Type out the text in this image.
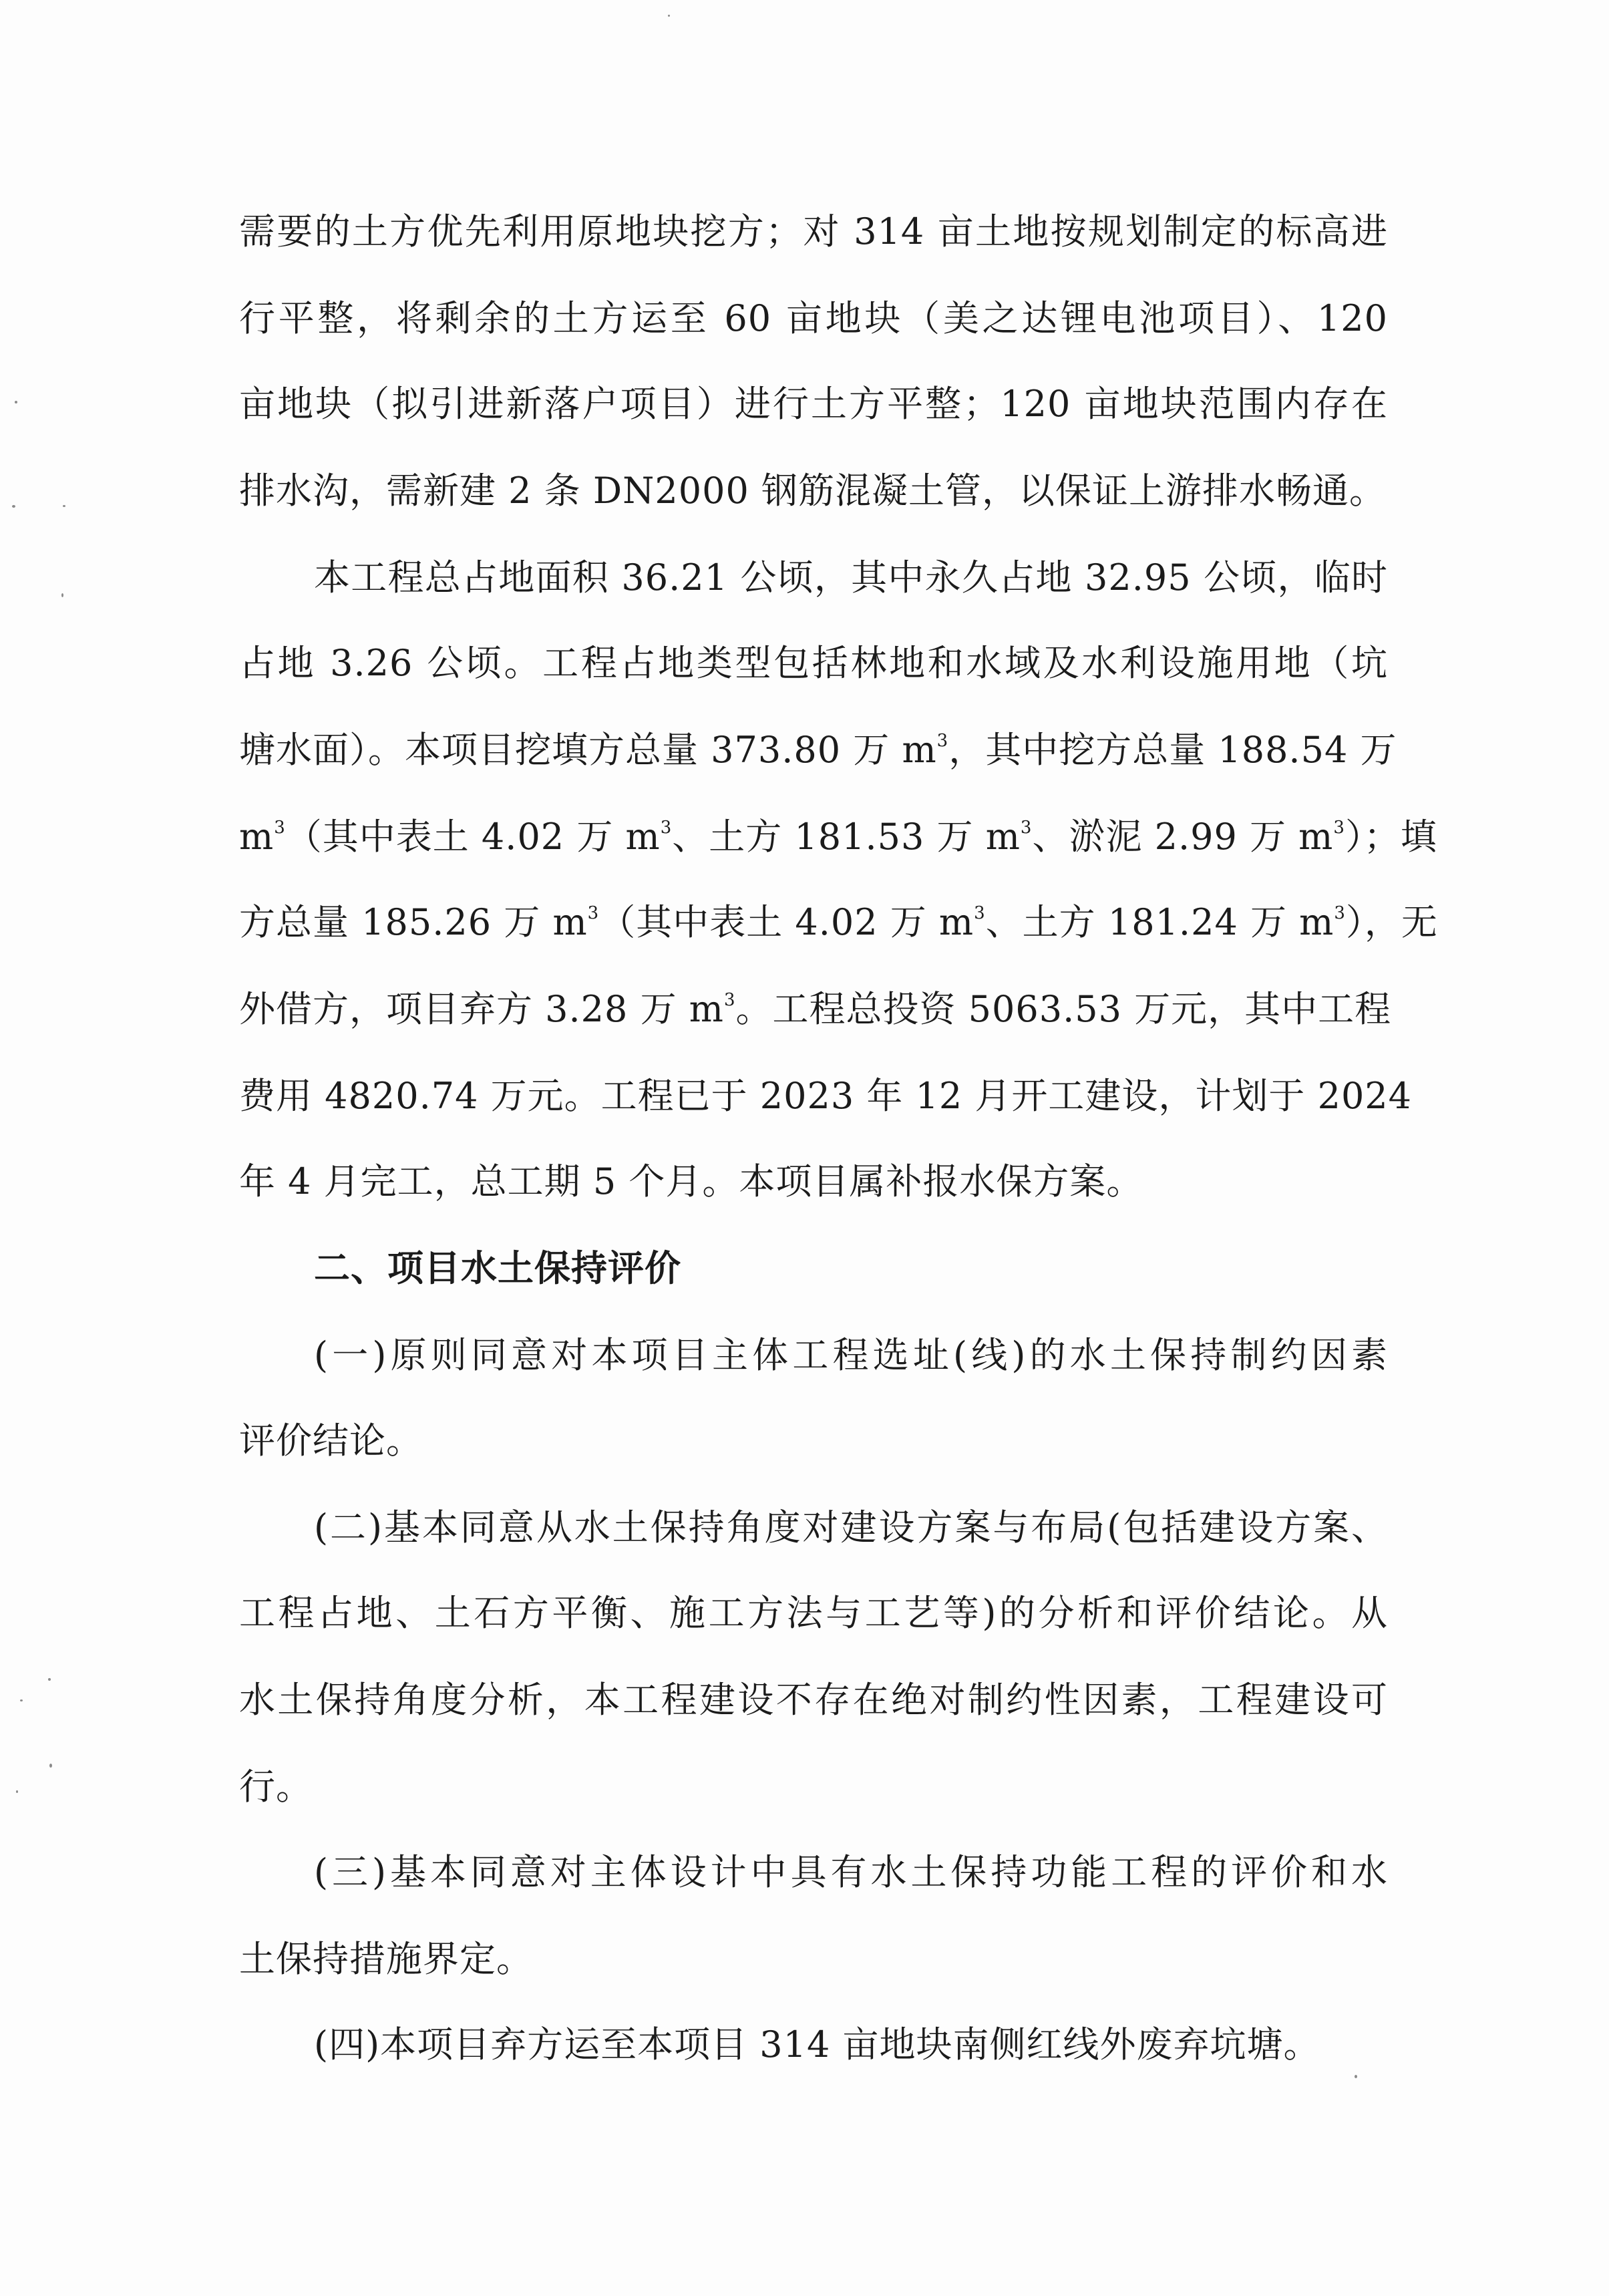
需要的土方优先利用原地块挖方；对 314 亩土地按规划制定的标高进
行平整，将剩余的土方运至 60 亩地块（美之达锂电池项目）、120
亩地块（拟引进新落户项目）进行土方平整；120 亩地块范围内存在
排水沟，需新建 2 条 DN2000 钢筋混凝土管，以保证上游排水畅通。
本工程总占地面积 36.21 公顷，其中永久占地 32.95 公顷，临时
占地 3.26 公顷。工程占地类型包括林地和水域及水利设施用地（坑
塘水面）。本项目挖填方总量 373.80 万 $m^3$，其中挖方总量 188.54 万
$m^3$（其中表土 4.02 万 $m^3$、土方 181.53 万 $m^3$、淤泥 2.99 万 $m^3$）；填
方总量 185.26 万 $m^3$（其中表土 4.02 万 $m^3$、土方 181.24 万 $m^3$），无
外借方，项目弃方 3.28 万 $m^3$。工程总投资 5063.53 万元，其中工程
费用 4820.74 万元。工程已于 2023 年 12 月开工建设，计划于 2024
年 4 月完工，总工期 5 个月。本项目属补报水保方案。
二、项目水土保持评价
(一)原则同意对本项目主体工程选址(线)的水土保持制约因素
评价结论。
(二)基本同意从水土保持角度对建设方案与布局(包括建设方案、
工程占地、土石方平衡、施工方法与工艺等)的分析和评价结论。从
水土保持角度分析，本工程建设不存在绝对制约性因素，工程建设可
行。
(三)基本同意对主体设计中具有水土保持功能工程的评价和水
土保持措施界定。
(四)本项目弃方运至本项目 314 亩地块南侧红线外废弃坑塘。
